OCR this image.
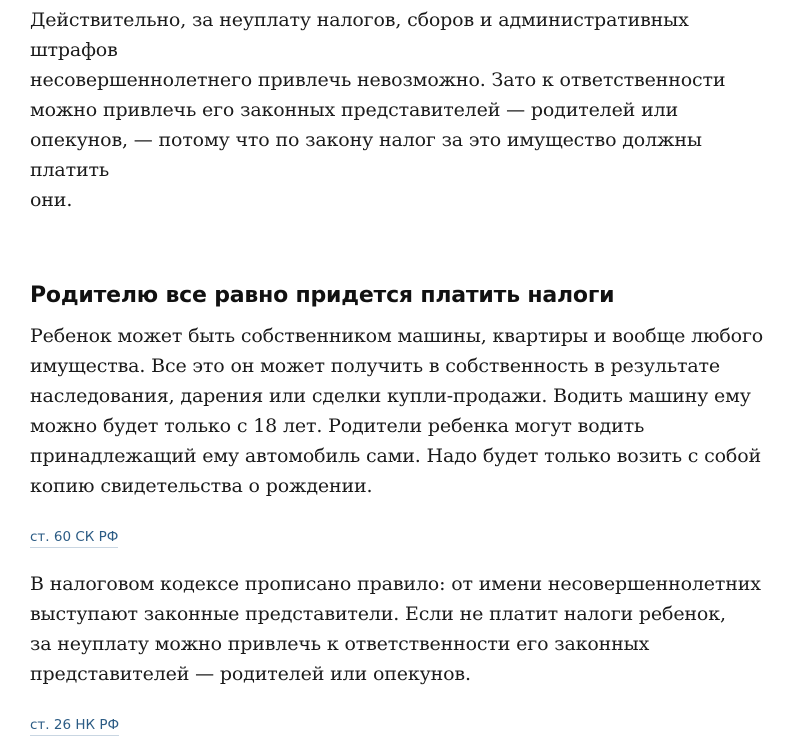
Действительно, за неуплату налогов, сборов и административных штрафов
несовершеннолетнего привлечь невозможно. Зато к ответственности
можно привлечь его законных представителей — родителей или
опекунов, — потому что по закону налог за это имущество должны платить
они.

Родителю все равно придется платить налоги

Ребенок может быть собственником машины, квартиры и вообще любого
имущества. Все это он может получить в собственность в результате
наследования, дарения или сделки купли-продажи. Водить машину ему
можно будет только с 18 лет. Родители ребенка могут водить
принадлежащий ему автомобиль сами. Надо будет только возить с собой
копию свидетельства о рождении.

ст. 60 СК РФ

В налоговом кодексе прописано правило: от имени несовершеннолетних
выступают законные представители. Если не платит налоги ребенок,
за неуплату можно привлечь к ответственности его законных
представителей — родителей или опекунов.

ст. 26 НК РФ
